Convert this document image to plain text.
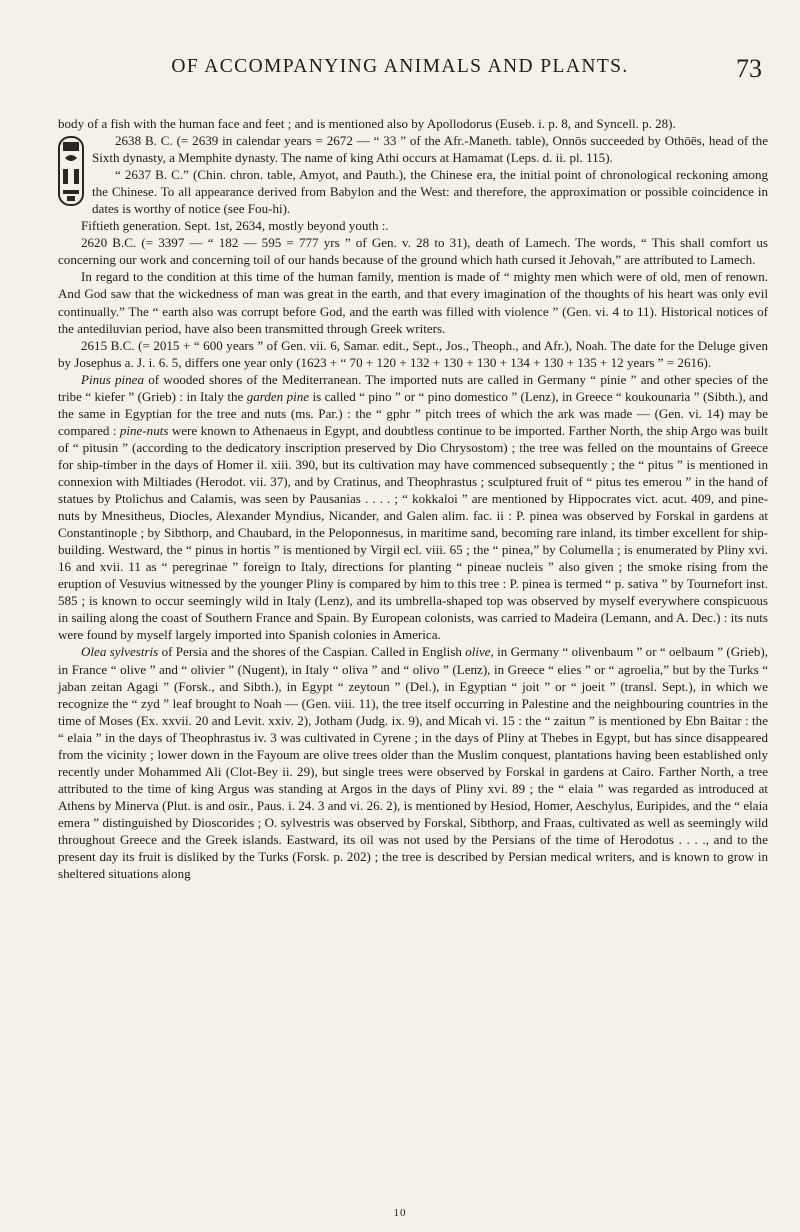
OF ACCOMPANYING ANIMALS AND PLANTS.	73

body of a fish with the human face and feet ; and is mentioned also by Apollodorus (Euseb. i. p. 8, and Syncell. p. 28).

2638 B. C. (= 2639 in calendar years = 2672 — “ 33 ” of the Afr.-Maneth. table), Onnōs succeeded by Othōēs, head of the Sixth dynasty, a Memphite dynasty. The name of king Athi occurs at Hamamat (Leps. d. ii. pl. 115).

“ 2637 B. C.” (Chin. chron. table, Amyot, and Pauth.), the Chinese era, the initial point of chronological reckoning among the Chinese. To all appearance derived from Babylon and the West: and therefore, the approximation or possible coincidence in dates is worthy of notice (see Fou-hi).

Fiftieth generation. Sept. 1st, 2634, mostly beyond youth :.

2620 B.C. (= 3397 — “ 182 — 595 = 777 yrs ” of Gen. v. 28 to 31), death of Lamech. The words, “ This shall comfort us concerning our work and concerning toil of our hands because of the ground which hath cursed it Jehovah,” are attributed to Lamech.

In regard to the condition at this time of the human family, mention is made of “ mighty men which were of old, men of renown. And God saw that the wickedness of man was great in the earth, and that every imagination of the thoughts of his heart was only evil continually.” The “ earth also was corrupt before God, and the earth was filled with violence ” (Gen. vi. 4 to 11). Historical notices of the antediluvian period, have also been transmitted through Greek writers.

2615 B.C. (= 2015 + “ 600 years ” of Gen. vii. 6, Samar. edit., Sept., Jos., Theoph., and Afr.), Noah. The date for the Deluge given by Josephus a. J. i. 6. 5, differs one year only (1623 + “ 70 + 120 + 132 + 130 + 130 + 134 + 130 + 135 + 12 years ” = 2616).

Pinus pinea of wooded shores of the Mediterranean. The imported nuts are called in Germany “ pinie ” and other species of the tribe “ kiefer ” (Grieb) : in Italy the garden pine is called “ pino ” or “ pino domestico ” (Lenz), in Greece “ koukounaria ” (Sibth.), and the same in Egyptian for the tree and nuts (ms. Par.) : the “ gphr ” pitch trees of which the ark was made — (Gen. vi. 14) may be compared : pine-nuts were known to Athenaeus in Egypt, and doubtless continue to be imported. Farther North, the ship Argo was built of “ pitusin ” (according to the dedicatory inscription preserved by Dio Chrysostom) ; the tree was felled on the mountains of Greece for ship-timber in the days of Homer il. xiii. 390, but its cultivation may have commenced subsequently ; the “ pitus ” is mentioned in connexion with Miltiades (Herodot. vii. 37), and by Cratinus, and Theophrastus ; sculptured fruit of “ pitus tes emerou ” in the hand of statues by Ptolichus and Calamis, was seen by Pausanias . . . . ; “ kokkaloi ” are mentioned by Hippocrates vict. acut. 409, and pine-nuts by Mnesitheus, Diocles, Alexander Myndius, Nicander, and Galen alim. fac. ii : P. pinea was observed by Forskal in gardens at Constantinople ; by Sibthorp, and Chaubard, in the Peloponnesus, in maritime sand, becoming rare inland, its timber excellent for ship-building. Westward, the “ pinus in hortis ” is mentioned by Virgil ecl. viii. 65 ; the “ pinea,” by Columella ; is enumerated by Pliny xvi. 16 and xvii. 11 as “ peregrinae ” foreign to Italy, directions for planting “ pineae nucleis ” also given ; the smoke rising from the eruption of Vesuvius witnessed by the younger Pliny is compared by him to this tree : P. pinea is termed “ p. sativa ” by Tournefort inst. 585 ; is known to occur seemingly wild in Italy (Lenz), and its umbrella-shaped top was observed by myself everywhere conspicuous in sailing along the coast of Southern France and Spain. By European colonists, was carried to Madeira (Lemann, and A. Dec.) : its nuts were found by myself largely imported into Spanish colonies in America.

Olea sylvestris of Persia and the shores of the Caspian. Called in English olive, in Germany “ olivenbaum ” or “ oelbaum ” (Grieb), in France “ olive ” and “ olivier ” (Nugent), in Italy “ oliva ” and “ olivo ” (Lenz), in Greece “ elies ” or “ agroelia,” but by the Turks “ jaban zeitan Agagi ” (Forsk., and Sibth.), in Egypt “ zeytoun ” (Del.), in Egyptian “ joit ” or “ joeit ” (transl. Sept.), in which we recognize the “ zyd ” leaf brought to Noah — (Gen. viii. 11), the tree itself occurring in Palestine and the neighbouring countries in the time of Moses (Ex. xxvii. 20 and Levit. xxiv. 2), Jotham (Judg. ix. 9), and Micah vi. 15 : the “ zaitun ” is mentioned by Ebn Baitar : the “ elaia ” in the days of Theophrastus iv. 3 was cultivated in Cyrene ; in the days of Pliny at Thebes in Egypt, but has since disappeared from the vicinity ; lower down in the Fayoum are olive trees older than the Muslim conquest, plantations having been established only recently under Mohammed Ali (Clot-Bey ii. 29), but single trees were observed by Forskal in gardens at Cairo. Farther North, a tree attributed to the time of king Argus was standing at Argos in the days of Pliny xvi. 89 ; the “ elaia ” was regarded as introduced at Athens by Minerva (Plut. is and osir., Paus. i. 24. 3 and vi. 26. 2), is mentioned by Hesiod, Homer, Aeschylus, Euripides, and the “ elaia emera ” distinguished by Dioscorides ; O. sylvestris was observed by Forskal, Sibthorp, and Fraas, cultivated as well as seemingly wild throughout Greece and the Greek islands. Eastward, its oil was not used by the Persians of the time of Herodotus . . . ., and to the present day its fruit is disliked by the Turks (Forsk. p. 202) ; the tree is described by Persian medical writers, and is known to grow in sheltered situations along

10
